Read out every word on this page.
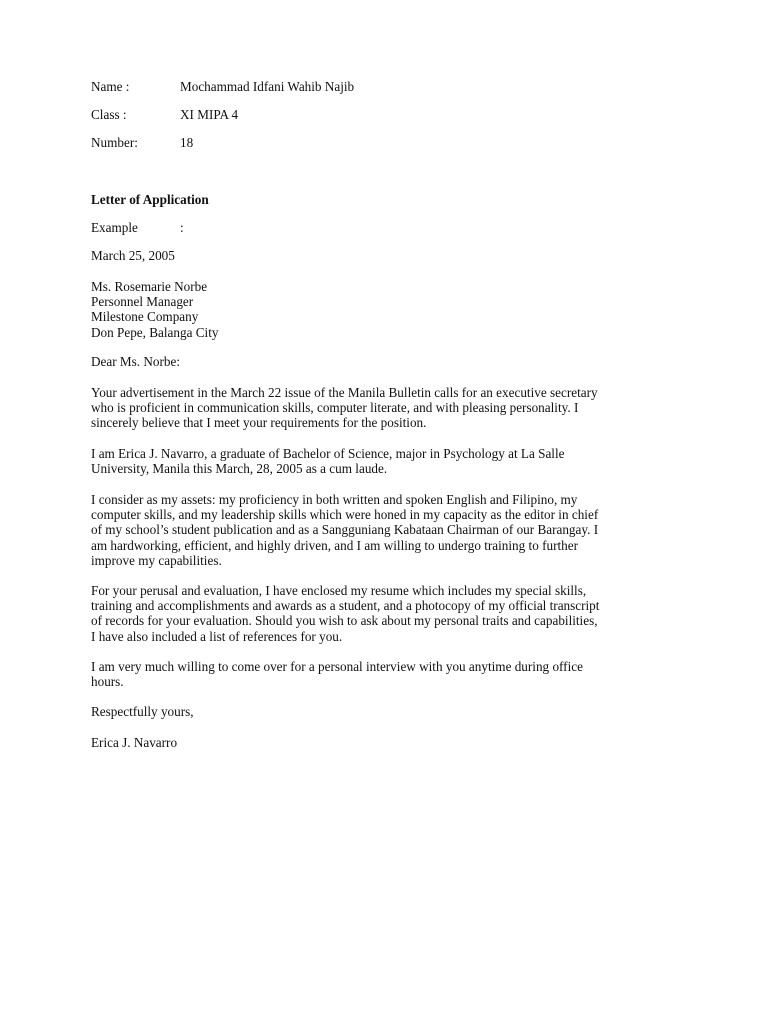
Name :	Mochammad Idfani Wahib Najib
Class :	XI MIPA 4
Number:	18
Letter of Application
Example	:
March 25, 2005
Ms. Rosemarie Norbe
Personnel Manager
Milestone Company
Don Pepe, Balanga City
Dear Ms. Norbe:
Your advertisement in the March 22 issue of the Manila Bulletin calls for an executive secretary
who is proficient in communication skills, computer literate, and with pleasing personality. I
sincerely believe that I meet your requirements for the position.
I am Erica J. Navarro, a graduate of Bachelor of Science, major in Psychology at La Salle
University, Manila this March, 28, 2005 as a cum laude.
I consider as my assets: my proficiency in both written and spoken English and Filipino, my
computer skills, and my leadership skills which were honed in my capacity as the editor in chief
of my school’s student publication and as a Sangguniang Kabataan Chairman of our Barangay. I
am hardworking, efficient, and highly driven, and I am willing to undergo training to further
improve my capabilities.
For your perusal and evaluation, I have enclosed my resume which includes my special skills,
training and accomplishments and awards as a student, and a photocopy of my official transcript
of records for your evaluation. Should you wish to ask about my personal traits and capabilities,
I have also included a list of references for you.
I am very much willing to come over for a personal interview with you anytime during office
hours.
Respectfully yours,
Erica J. Navarro
